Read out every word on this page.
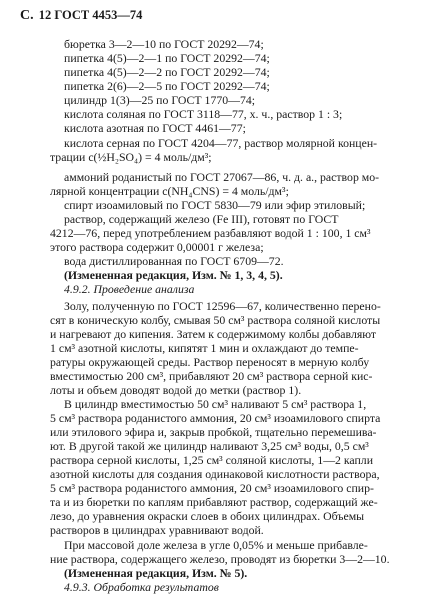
С. 12 ГОСТ 4453—74
бюретка 3—2—10 по ГОСТ 20292—74;
пипетка 4(5)—2—1 по ГОСТ 20292—74;
пипетка 4(5)—2—2 по ГОСТ 20292—74;
пипетка 2(6)—2—5 по ГОСТ 20292—74;
цилиндр 1(3)—25 по ГОСТ 1770—74;
кислота соляная по ГОСТ 3118—77, х. ч., раствор 1 : 3;
кислота азотная по ГОСТ 4461—77;
кислота серная по ГОСТ 4204—77, раствор молярной концен-
трации c(½H₂SO₄) = 4 моль/дм³;
аммоний роданистый по ГОСТ 27067—86, ч. д. а., раствор мо-
лярной концентрации c(NH₄CNS) = 4 моль/дм³;
спирт изоамиловый по ГОСТ 5830—79 или эфир этиловый;
раствор, содержащий железо (Fe III), готовят по ГОСТ
4212—76, перед употреблением разбавляют водой 1 : 100, 1 см³
этого раствора содержит 0,00001 г железа;
вода дистиллированная по ГОСТ 6709—72.
(Измененная редакция, Изм. № 1, 3, 4, 5).
4.9.2. Проведение анализа
Золу, полученную по ГОСТ 12596—67, количественно перено-
сят в коническую колбу, смывая 50 см³ раствора соляной кислоты
и нагревают до кипения. Затем к содержимому колбы добавляют
1 см³ азотной кислоты, кипятят 1 мин и охлаждают до темпе-
ратуры окружающей среды. Раствор переносят в мерную колбу
вместимостью 200 см³, прибавляют 20 см³ раствора серной кис-
лоты и объем доводят водой до метки (раствор 1).
В цилиндр вместимостью 50 см³ наливают 5 см³ раствора 1,
5 см³ раствора роданистого аммония, 20 см³ изоамилового спирта
или этилового эфира и, закрыв пробкой, тщательно перемешива-
ют. В другой такой же цилиндр наливают 3,25 см³ воды, 0,5 см³
раствора серной кислоты, 1,25 см³ соляной кислоты, 1—2 капли
азотной кислоты для создания одинаковой кислотности раствора,
5 см³ раствора роданистого аммония, 20 см³ изоамилового спир-
та и из бюретки по каплям прибавляют раствор, содержащий же-
лезо, до уравнения окраски слоев в обоих цилиндрах. Объемы
растворов в цилиндрах уравнивают водой.
При массовой доле железа в углe 0,05% и меньше прибавле-
ние раствора, содержащего железо, проводят из бюретки 3—2—10.
(Измененная редакция, Изм. № 5).
4.9.3. Обработка результатов
